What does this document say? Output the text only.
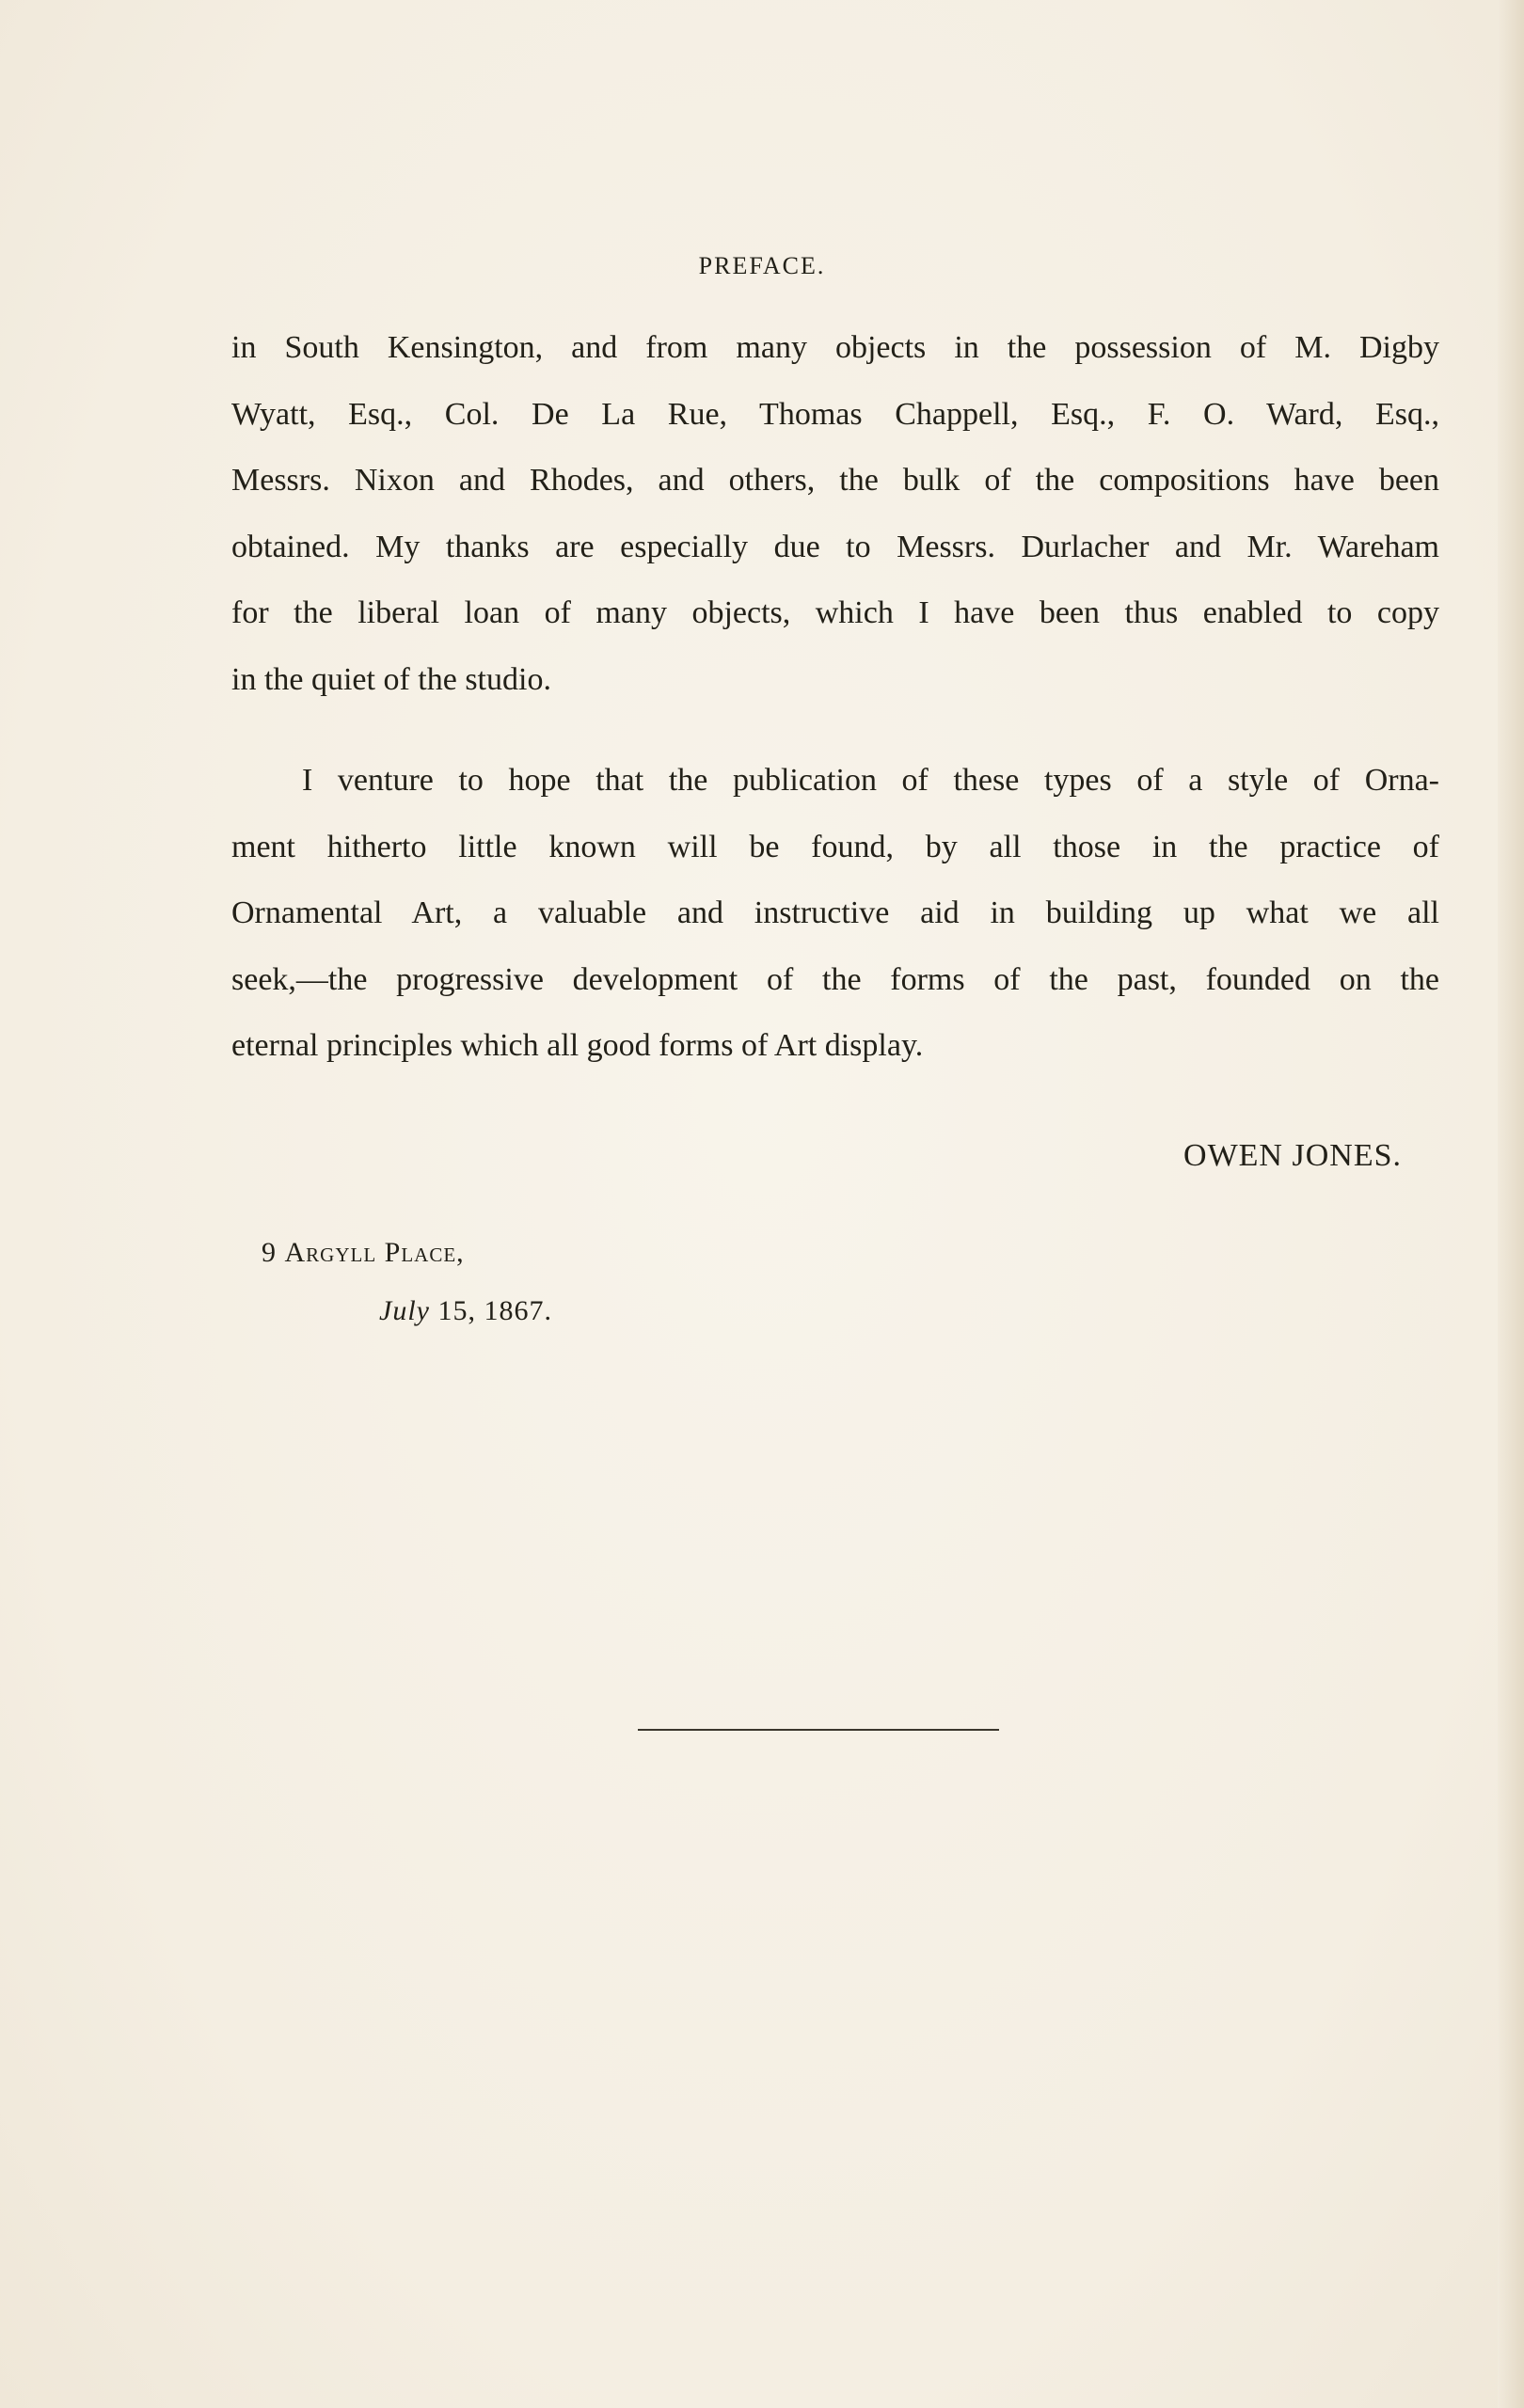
PREFACE.
in South Kensington, and from many objects in the possession of M. Digby
Wyatt, Esq., Col. De La Rue, Thomas Chappell, Esq., F. O. Ward, Esq.,
Messrs. Nixon and Rhodes, and others, the bulk of the compositions have been
obtained. My thanks are especially due to Messrs. Durlacher and Mr. Wareham
for the liberal loan of many objects, which I have been thus enabled to copy
in the quiet of the studio.
I venture to hope that the publication of these types of a style of Orna-
ment hitherto little known will be found, by all those in the practice of
Ornamental Art, a valuable and instructive aid in building up what we all
seek,—the progressive development of the forms of the past, founded on the
eternal principles which all good forms of Art display.
OWEN JONES.
9 Argyll Place,
July 15, 1867.
